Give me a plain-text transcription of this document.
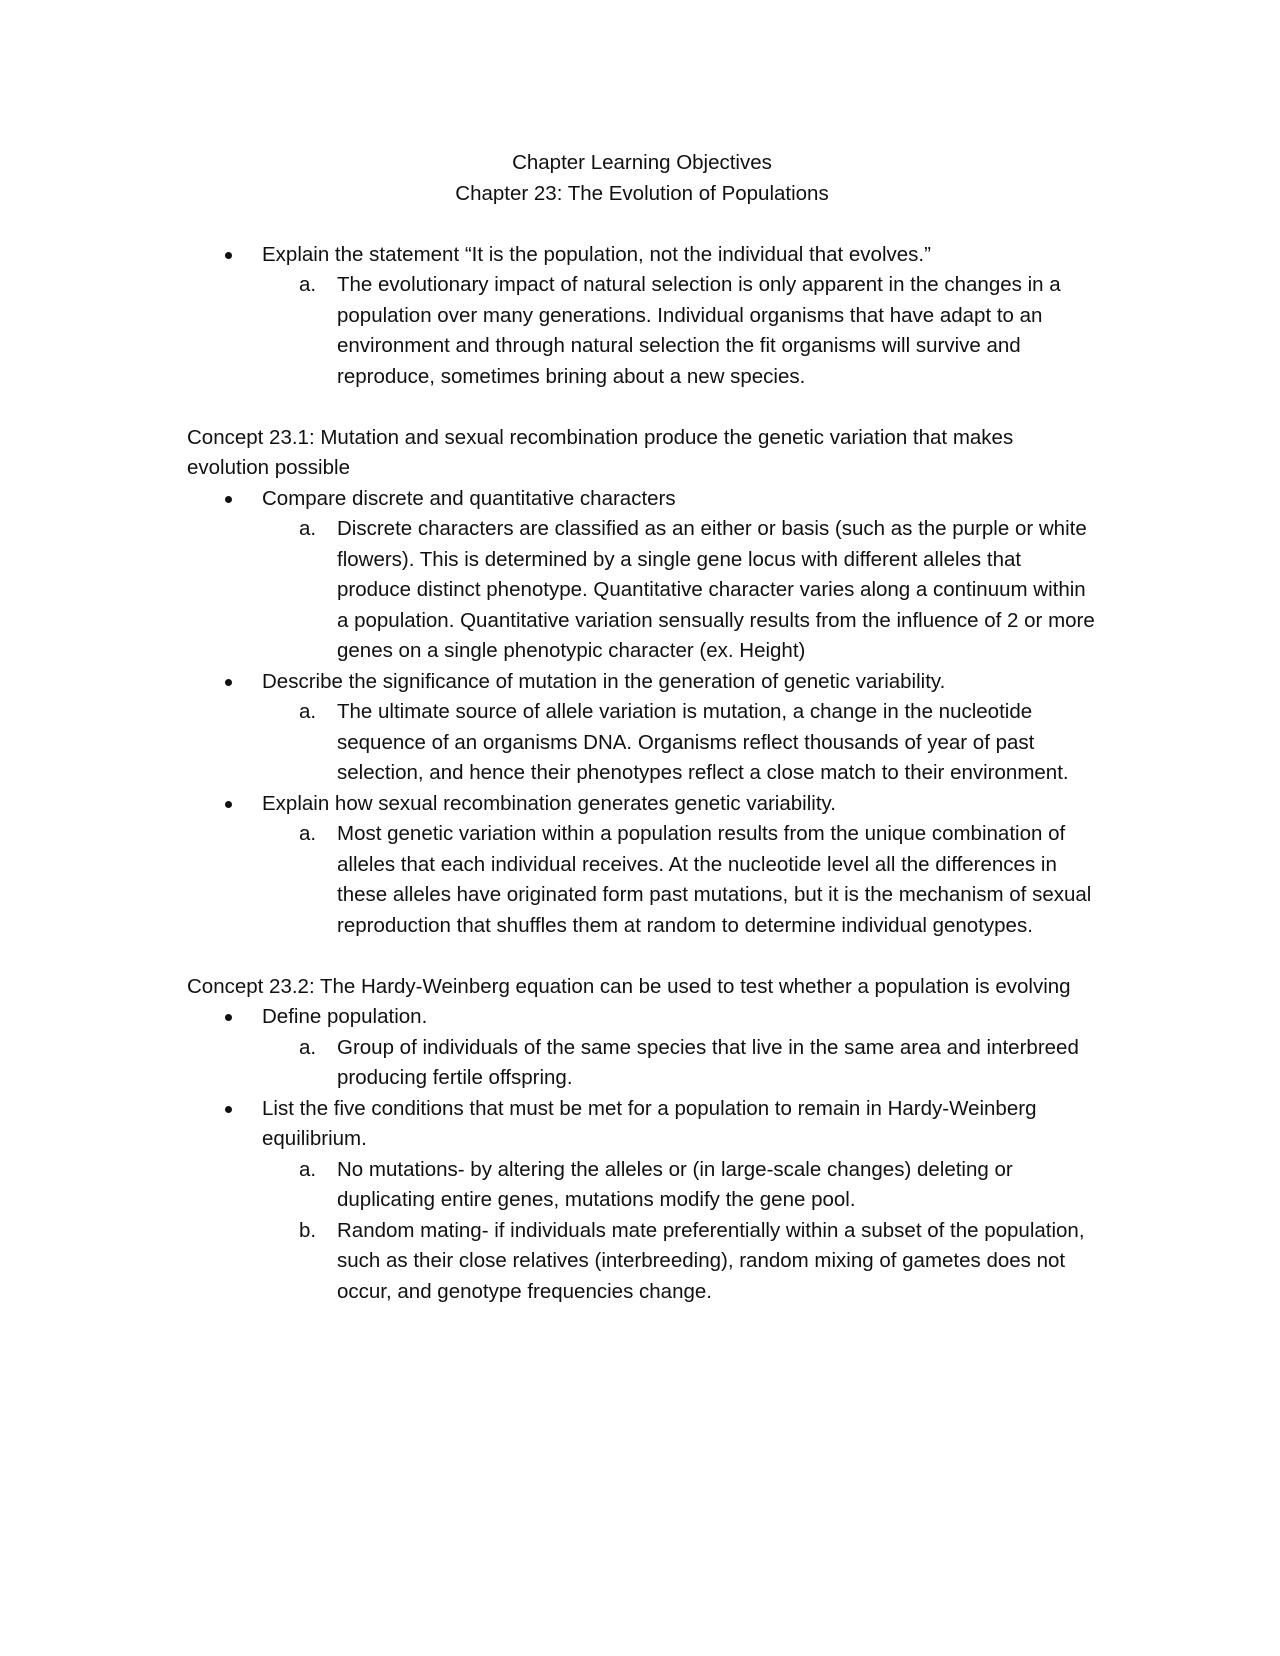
Chapter Learning Objectives
Chapter 23: The Evolution of Populations
Explain the statement “It is the population, not the individual that evolves.”
a. The evolutionary impact of natural selection is only apparent in the changes in a population over many generations. Individual organisms that have adapt to an environment and through natural selection the fit organisms will survive and reproduce, sometimes brining about a new species.
Concept 23.1: Mutation and sexual recombination produce the genetic variation that makes evolution possible
Compare discrete and quantitative characters
a. Discrete characters are classified as an either or basis (such as the purple or white flowers). This is determined by a single gene locus with different alleles that produce distinct phenotype. Quantitative character varies along a continuum within a population. Quantitative variation sensually results from the influence of 2 or more genes on a single phenotypic character (ex. Height)
Describe the significance of mutation in the generation of genetic variability.
a. The ultimate source of allele variation is mutation, a change in the nucleotide sequence of an organisms DNA. Organisms reflect thousands of year of past selection, and hence their phenotypes reflect a close match to their environment.
Explain how sexual recombination generates genetic variability.
a. Most genetic variation within a population results from the unique combination of alleles that each individual receives. At the nucleotide level all the differences in these alleles have originated form past mutations, but it is the mechanism of sexual reproduction that shuffles them at random to determine individual genotypes.
Concept 23.2: The Hardy-Weinberg equation can be used to test whether a population is evolving
Define population.
a. Group of individuals of the same species that live in the same area and interbreed producing fertile offspring.
List the five conditions that must be met for a population to remain in Hardy-Weinberg equilibrium.
a. No mutations- by altering the alleles or (in large-scale changes) deleting or duplicating entire genes, mutations modify the gene pool.
b. Random mating- if individuals mate preferentially within a subset of the population, such as their close relatives (interbreeding), random mixing of gametes does not occur, and genotype frequencies change.
